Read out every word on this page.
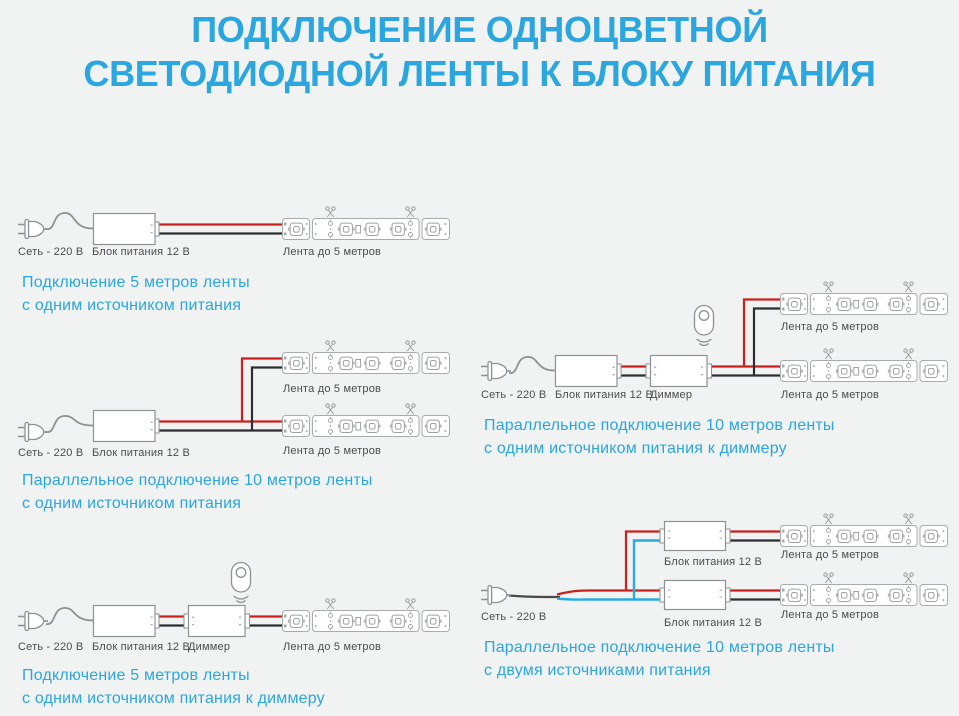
ПОДКЛЮЧЕНИЕ ОДНОЦВЕТНОЙ
СВЕТОДИОДНОЙ ЛЕНТЫ К БЛОКУ ПИТАНИЯ
Сеть - 220 В Блок питания 12 В	Лента до 5 метров
Подключение 5 метров ленты
с одним источником питания
Лента до 5 метров
Сеть - 220 В Блок питания 12 В	Лента до 5 метров
Параллельное подключение 10 метров ленты
с одним источником питания
Сеть - 220 В Блок питания 12 В
Диммер	Лента до 5 метров
Подключение 5 метров ленты
с одним источником питания к диммеру
Лента до 5 метров
Сеть - 220 В Блок питания 12 В
Диммер	Лента до 5 метров
Параллельное подключение 10 метров ленты
с одним источником питания к диммеру
Лента до 5 метров
Блок питания 12 В
Лента до 5 метров
Сеть - 220 В	Блок питания 12 В
Параллельное подключение 10 метров ленты
с двумя источниками питания
